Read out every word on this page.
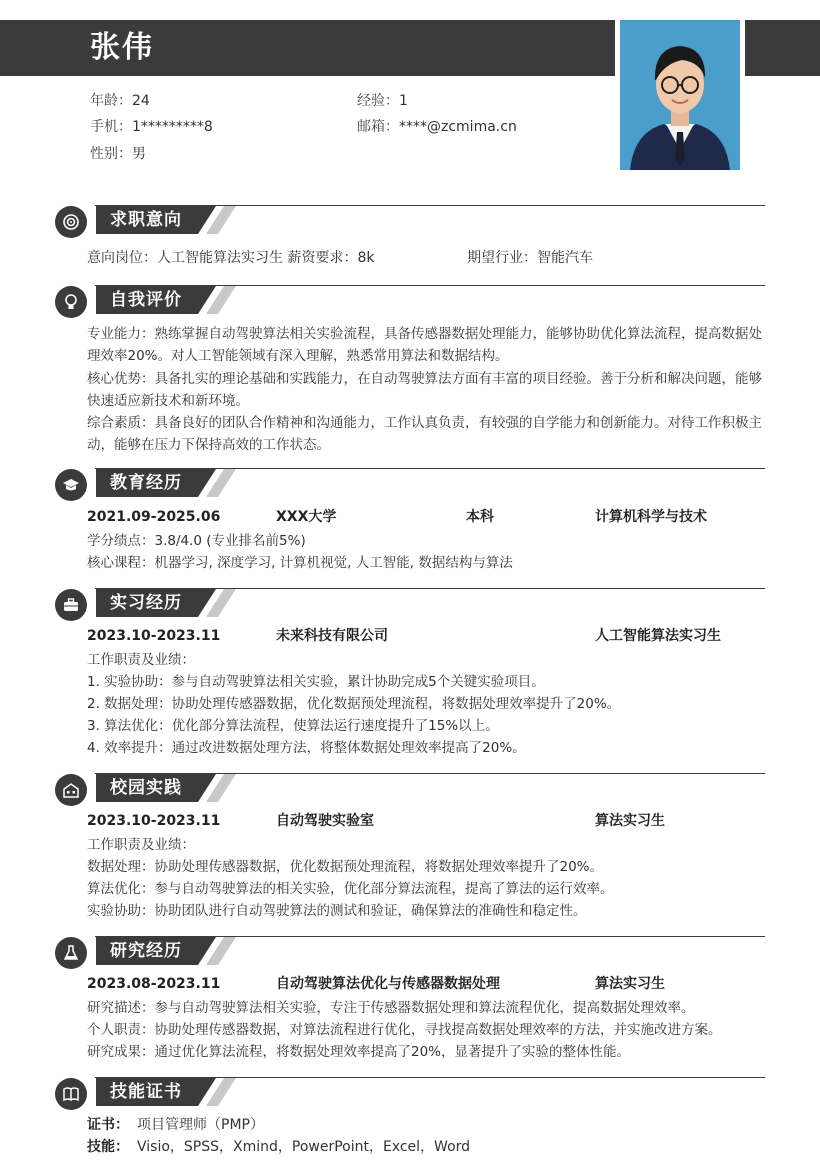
张伟
年龄：24	经验：1
手机：1*********8	邮箱：****@zcmima.cn
性别：男
求职意向
意向岗位：人工智能算法实习生 薪资要求：8k	期望行业：智能汽车
自我评价
专业能力：熟练掌握自动驾驶算法相关实验流程，具备传感器数据处理能力，能够协助优化算法流程，提高数据处理效率20%。对人工智能领域有深入理解，熟悉常用算法和数据结构。
核心优势：具备扎实的理论基础和实践能力，在自动驾驶算法方面有丰富的项目经验。善于分析和解决问题，能够快速适应新技术和新环境。
综合素质：具备良好的团队合作精神和沟通能力，工作认真负责，有较强的自学能力和创新能力。对待工作积极主动，能够在压力下保持高效的工作状态。
教育经历
2021.09-2025.06	XXX大学	本科	计算机科学与技术
学分绩点：3.8/4.0 (专业排名前5%)
核心课程：机器学习, 深度学习, 计算机视觉, 人工智能, 数据结构与算法
实习经历
2023.10-2023.11	未来科技有限公司	人工智能算法实习生
工作职责及业绩：
1. 实验协助：参与自动驾驶算法相关实验，累计协助完成5个关键实验项目。
2. 数据处理：协助处理传感器数据，优化数据预处理流程，将数据处理效率提升了20%。
3. 算法优化：优化部分算法流程，使算法运行速度提升了15%以上。
4. 效率提升：通过改进数据处理方法，将整体数据处理效率提高了20%。
校园实践
2023.10-2023.11	自动驾驶实验室	算法实习生
工作职责及业绩：
数据处理：协助处理传感器数据，优化数据预处理流程，将数据处理效率提升了20%。
算法优化：参与自动驾驶算法的相关实验，优化部分算法流程，提高了算法的运行效率。
实验协助：协助团队进行自动驾驶算法的测试和验证，确保算法的准确性和稳定性。
研究经历
2023.08-2023.11	自动驾驶算法优化与传感器数据处理	算法实习生
研究描述：参与自动驾驶算法相关实验，专注于传感器数据处理和算法流程优化，提高数据处理效率。
个人职责：协助处理传感器数据，对算法流程进行优化，寻找提高数据处理效率的方法，并实施改进方案。
研究成果：通过优化算法流程，将数据处理效率提高了20%，显著提升了实验的整体性能。
技能证书
证书： 项目管理师（PMP）
技能： Visio，SPSS，Xmind，PowerPoint，Excel，Word
